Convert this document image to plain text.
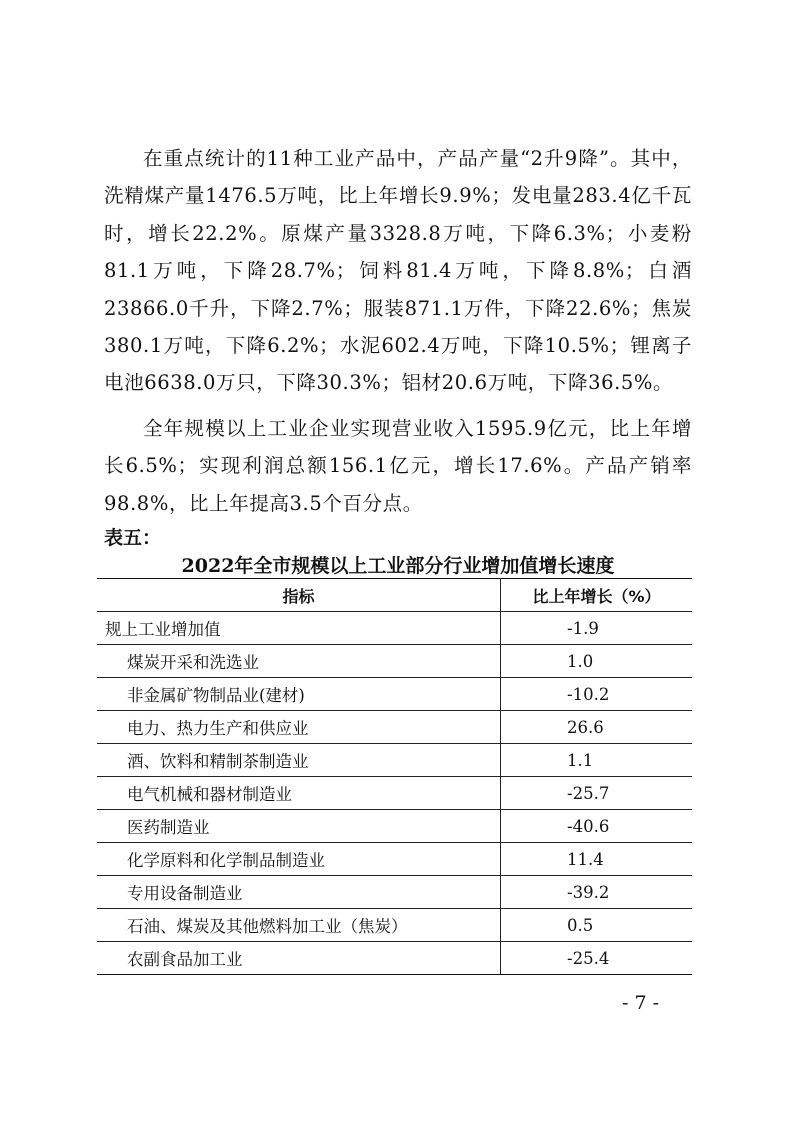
在重点统计的11种工业产品中，产品产量“2升9降”。其中，洗精煤产量1476.5万吨，比上年增长9.9%；发电量283.4亿千瓦时，增长22.2%。原煤产量3328.8万吨，下降6.3%；小麦粉81.1万吨，下降28.7%；饲料81.4万吨，下降8.8%；白酒23866.0千升，下降2.7%；服装871.1万件，下降22.6%；焦炭380.1万吨，下降6.2%；水泥602.4万吨，下降10.5%；锂离子电池6638.0万只，下降30.3%；铝材20.6万吨，下降36.5%。

全年规模以上工业企业实现营业收入1595.9亿元，比上年增长6.5%；实现利润总额156.1亿元，增长17.6%。产品产销率98.8%，比上年提高3.5个百分点。

表五：

2022年全市规模以上工业部分行业增加值增长速度

指标	比上年增长（%）
规上工业增加值	-1.9
煤炭开采和洗选业	1.0
非金属矿物制品业(建材)	-10.2
电力、热力生产和供应业	26.6
酒、饮料和精制茶制造业	1.1
电气机械和器材制造业	-25.7
医药制造业	-40.6
化学原料和化学制品制造业	11.4
专用设备制造业	-39.2
石油、煤炭及其他燃料加工业（焦炭）	0.5
农副食品加工业	-25.4

- 7 -
